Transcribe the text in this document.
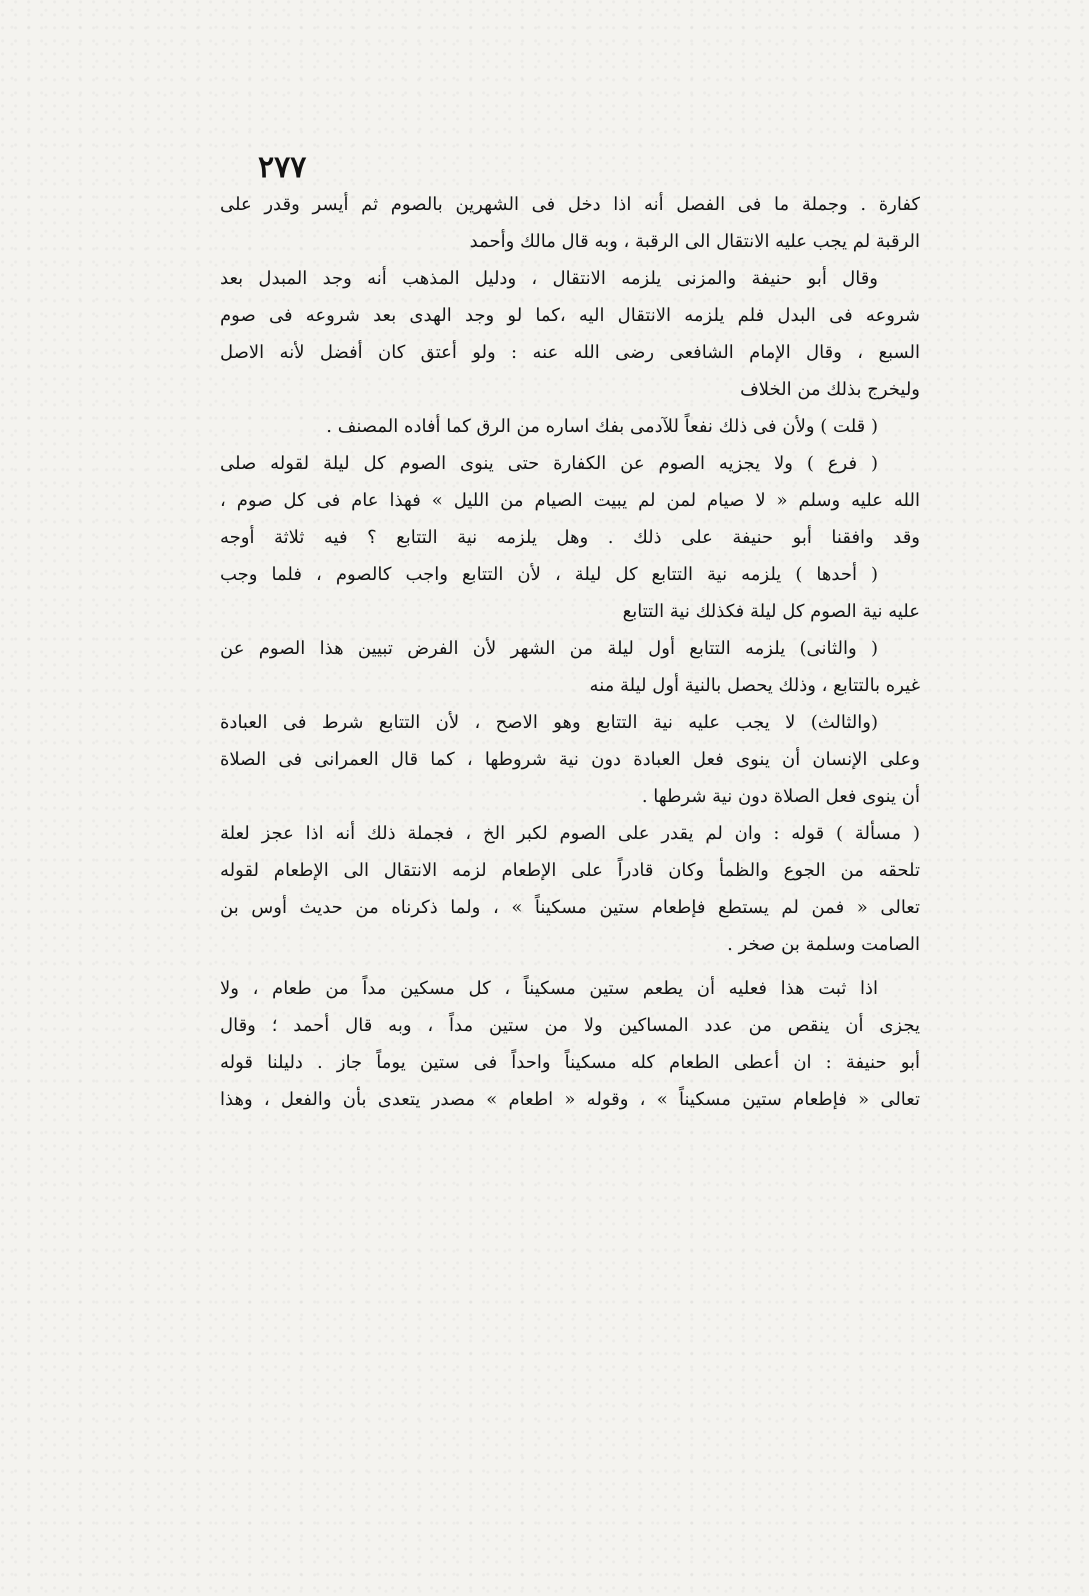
٢٧٧
كفارة . وجملة ما فى الفصل أنه اذا دخل فى الشهرين بالصوم ثم أيسر وقدر على
الرقبة لم يجب عليه الانتقال الى الرقبة ، وبه قال مالك وأحمد
وقال أبو حنيفة والمزنى يلزمه الانتقال ، ودليل المذهب أنه وجد المبدل بعد
شروعه فى البدل فلم يلزمه الانتقال اليه ،كما لو وجد الهدى بعد شروعه فى صوم
السبع ، وقال الإمام الشافعى رضى الله عنه : ولو أعتق كان أفضل لأنه الاصل
وليخرج بذلك من الخلاف
( قلت ) ولأن فى ذلك نفعاً للآدمى بفك اساره من الرق كما أفاده المصنف .
( فرع ) ولا يجزيه الصوم عن الكفارة حتى ينوى الصوم كل ليلة لقوله صلى
الله عليه وسلم « لا صيام لمن لم يبيت الصيام من الليل » فهذا عام فى كل صوم ،
وقد وافقنا أبو حنيفة على ذلك . وهل يلزمه نية التتابع ؟ فيه ثلاثة أوجه
( أحدها ) يلزمه نية التتابع كل ليلة ، لأن التتابع واجب كالصوم ، فلما وجب
عليه نية الصوم كل ليلة فكذلك نية التتابع
( والثانى) يلزمه التتابع أول ليلة من الشهر لأن الفرض تبيين هذا الصوم عن
غيره بالتتابع ، وذلك يحصل بالنية أول ليلة منه
(والثالث) لا يجب عليه نية التتابع وهو الاصح ، لأن التتابع شرط فى العبادة
وعلى الإنسان أن ينوى فعل العبادة دون نية شروطها ، كما قال العمرانى فى الصلاة
أن ينوى فعل الصلاة دون نية شرطها .
( مسألة ) قوله : وان لم يقدر على الصوم لكبر الخ ، فجملة ذلك أنه اذا عجز لعلة
تلحقه من الجوع والظمأ وكان قادراً على الإطعام لزمه الانتقال الى الإطعام لقوله
تعالى « فمن لم يستطع فإطعام ستين مسكيناً » ، ولما ذكرناه من حديث أوس بن
الصامت وسلمة بن صخر .
اذا ثبت هذا فعليه أن يطعم ستين مسكيناً ، كل مسكين مداً من طعام ، ولا
يجزى أن ينقص من عدد المساكين ولا من ستين مداً ، وبه قال أحمد ؛ وقال
أبو حنيفة : ان أعطى الطعام كله مسكيناً واحداً فى ستين يوماً جاز . دليلنا قوله
تعالى « فإطعام ستين مسكيناً » ، وقوله « اطعام » مصدر يتعدى بأن والفعل ، وهذا
